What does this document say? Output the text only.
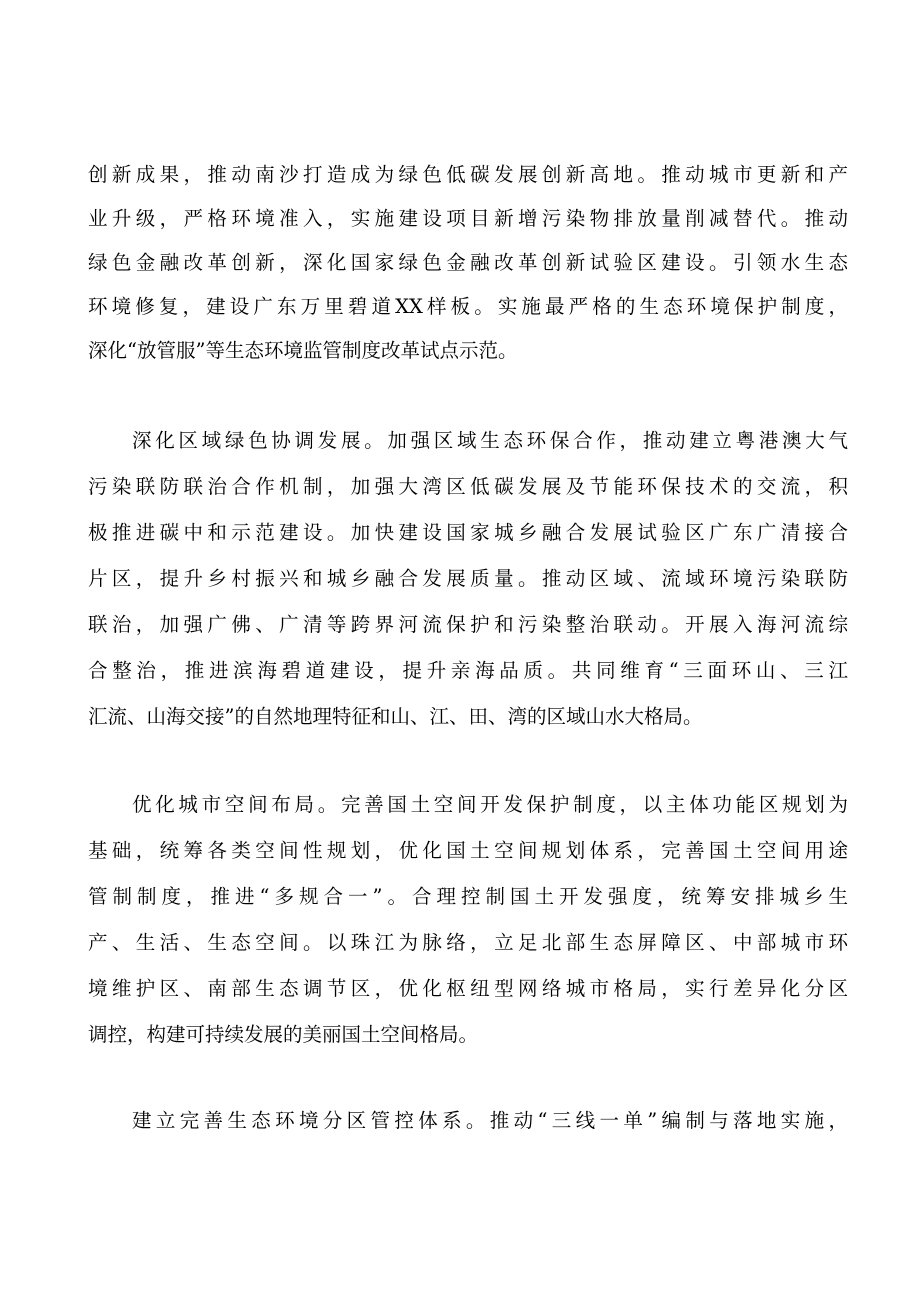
创新成果，推动南沙打造成为绿色低碳发展创新高地。推动城市更新和产
业升级，严格环境准入，实施建设项目新增污染物排放量削减替代。推动
绿色金融改革创新，深化国家绿色金融改革创新试验区建设。引领水生态
环境修复，建设广东万里碧道XX样板。实施最严格的生态环境保护制度，
深化“放管服”等生态环境监管制度改革试点示范。
深化区域绿色协调发展。加强区域生态环保合作，推动建立粤港澳大气
污染联防联治合作机制，加强大湾区低碳发展及节能环保技术的交流，积
极推进碳中和示范建设。加快建设国家城乡融合发展试验区广东广清接合
片区，提升乡村振兴和城乡融合发展质量。推动区域、流域环境污染联防
联治，加强广佛、广清等跨界河流保护和污染整治联动。开展入海河流综
合整治，推进滨海碧道建设，提升亲海品质。共同维育“三面环山、三江
汇流、山海交接”的自然地理特征和山、江、田、湾的区域山水大格局。
优化城市空间布局。完善国土空间开发保护制度，以主体功能区规划为
基础，统筹各类空间性规划，优化国土空间规划体系，完善国土空间用途
管制制度，推进“多规合一”。合理控制国土开发强度，统筹安排城乡生
产、生活、生态空间。以珠江为脉络，立足北部生态屏障区、中部城市环
境维护区、南部生态调节区，优化枢纽型网络城市格局，实行差异化分区
调控，构建可持续发展的美丽国土空间格局。
建立完善生态环境分区管控体系。推动“三线一单”编制与落地实施，
